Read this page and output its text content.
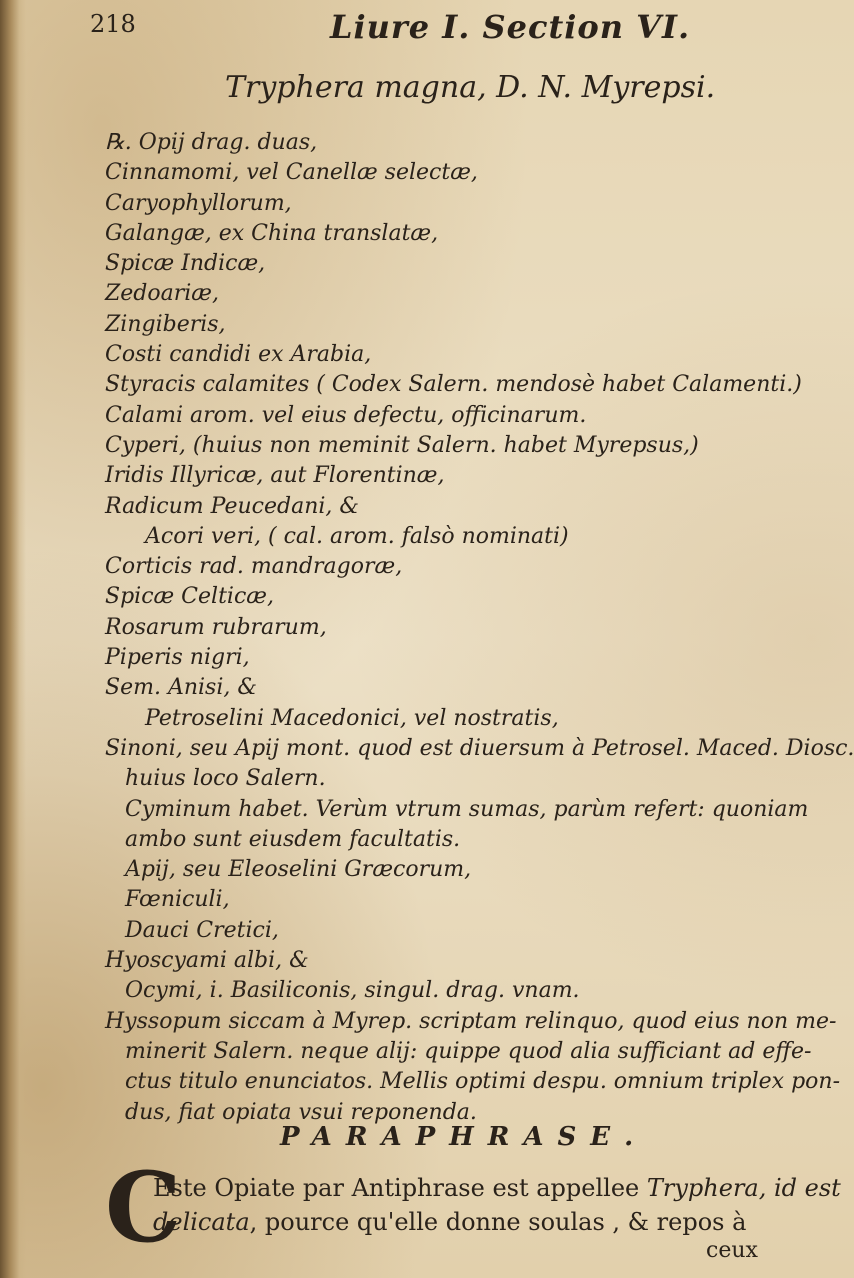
218	Liure I. Section VI.
Tryphera magna, D. N. Myrepsi.
℞. Opij drag. duas,
Cinnamomi, vel Canellæ selectæ,
Caryophyllorum,
Galangæ, ex China translatæ,
Spicæ Indicæ,
Zedoariæ,
Zingiberis,
Costi candidi ex Arabia,
Styracis calamites ( Codex Salern. mendosè habet Calamenti.)
Calami arom. vel eius defectu, officinarum.
Cyperi, (huius non meminit Salern. habet Myrepsus,)
Iridis Illyricæ, aut Florentinæ,
Radicum Peucedani, &
Acori veri, ( cal. arom. falsò nominati)
Corticis rad. mandragoræ,
Spicæ Celticæ,
Rosarum rubrarum,
Piperis nigri,
Sem. Anisi, &
Petroselini Macedonici, vel nostratis,
Sinoni, seu Apij mont. quod est diuersum à Petrosel. Maced. Diosc.
huius loco Salern.
Cyminum habet. Verùm vtrum sumas, parùm refert: quoniam
ambo sunt eiusdem facultatis.
Apij, seu Eleoselini Græcorum,
Fœniculi,
Dauci Cretici,
Hyoscyami albi, &
Ocymi, i. Basiliconis, singul. drag. vnam.
Hyssopum siccam à Myrep. scriptam relinquo, quod eius non me-
minerit Salern. neque alij: quippe quod alia sufficiant ad effe-
ctus titulo enunciatos. Mellis optimi despu. omnium triplex pon-
dus, fiat opiata vsui reponenda.
PARAPHRASE.
C
Este Opiate par Antiphrase est appellee Tryphera, id est
delicata, pource qu'elle donne soulas , & repos à
ceux
